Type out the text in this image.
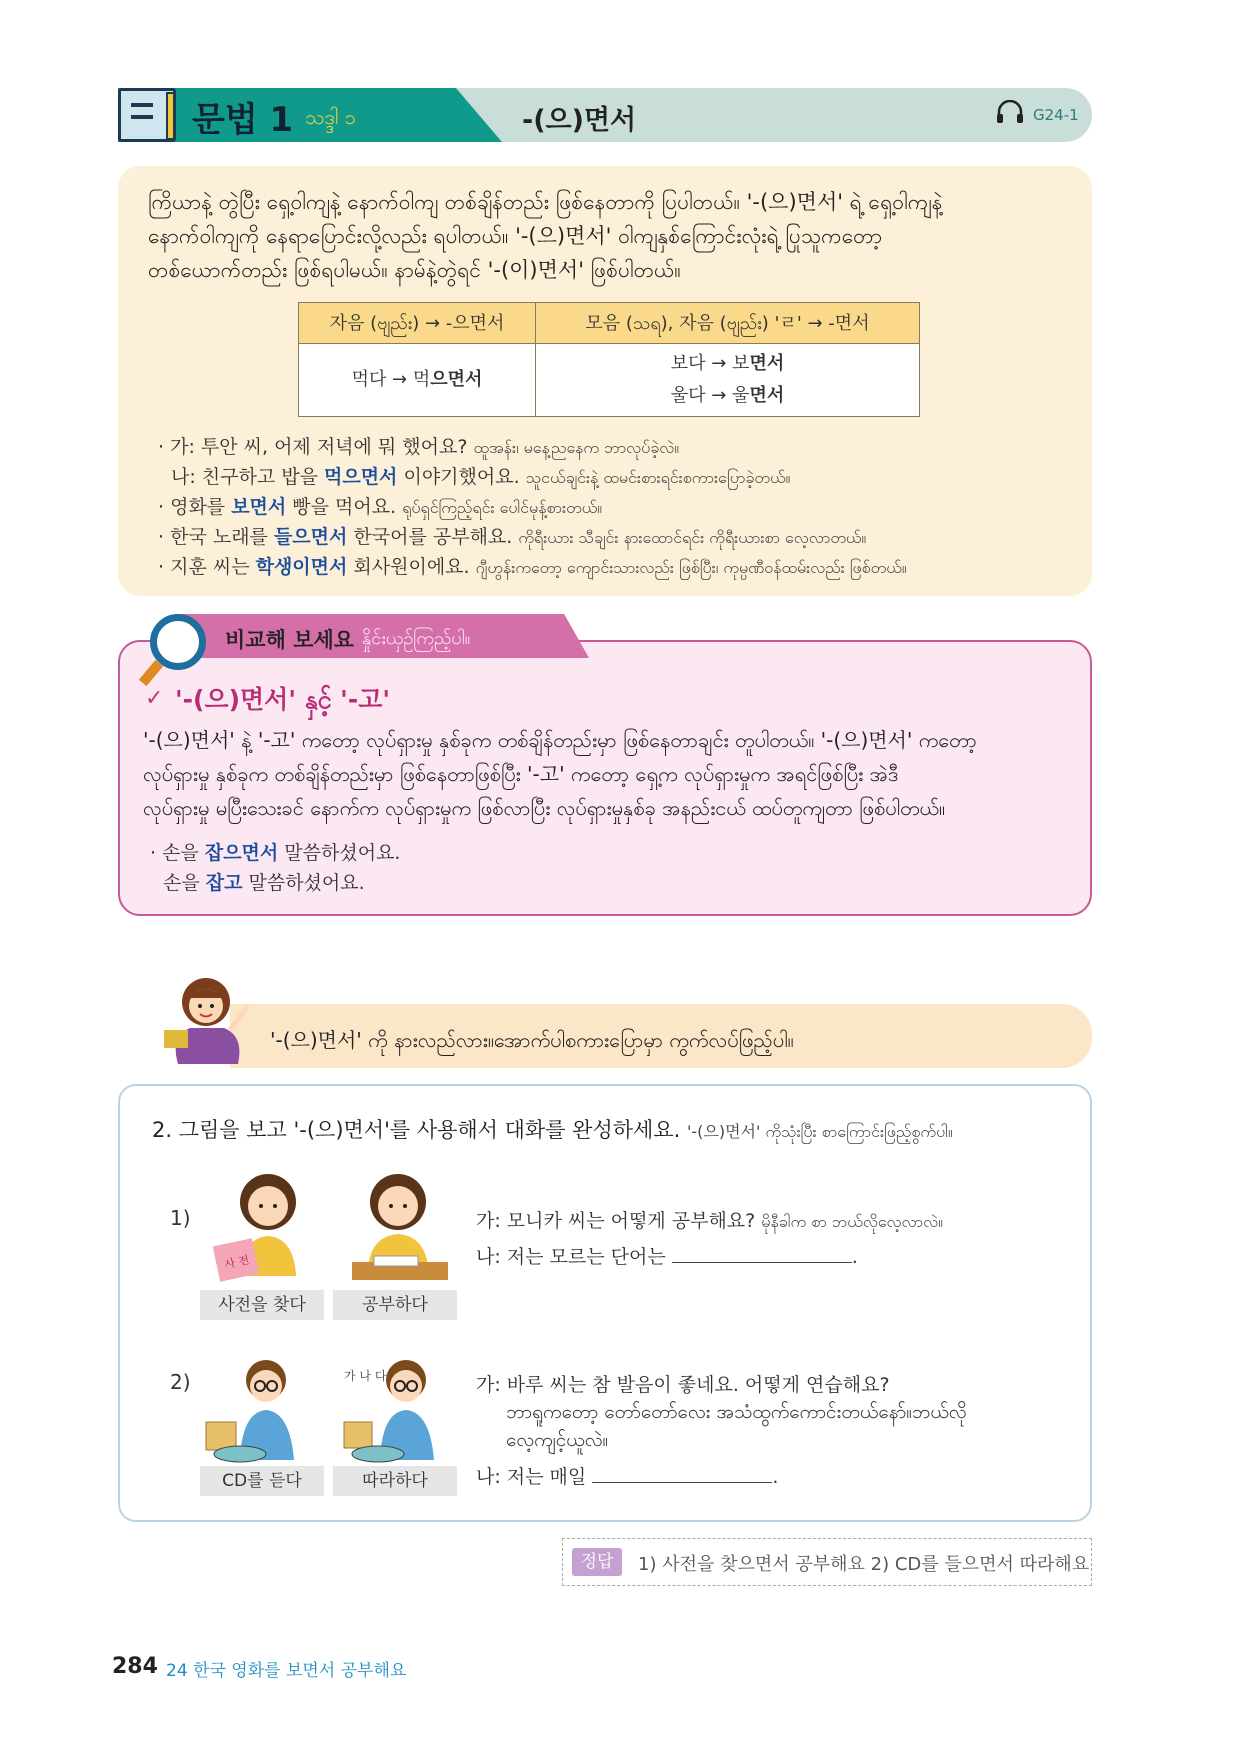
문법 1 သဒ္ဒါ ၁	-(으)면서	G24-1
ကြိယာနဲ့ တွဲပြီး ရှေ့ဝါကျနဲ့ နောက်ဝါကျ တစ်ချိန်တည်း ဖြစ်နေတာကို ပြပါတယ်။ '-(으)면서' ရဲ့ ရှေ့ဝါကျနဲ့
နောက်ဝါကျကို နေရာပြောင်းလို့လည်း ရပါတယ်။ '-(으)면서' ဝါကျနှစ်ကြောင်းလုံးရဲ့ ပြုသူကတော့
တစ်ယောက်တည်း ဖြစ်ရပါမယ်။ နာမ်နဲ့တွဲရင် '-(이)면서' ဖြစ်ပါတယ်။
자음 (ဗျည်း) → -으면서	모음 (သရ), 자음 (ဗျည်း) 'ㄹ' → -면서
먹다 → 먹으면서	보다 → 보면서
울다 → 울면서
· 가: 투안 씨, 어제 저녁에 뭐 했어요? ထူအန်း၊ မနေ့ညနေက ဘာလုပ်ခဲ့လဲ။
나: 친구하고 밥을 먹으면서 이야기했어요. သူငယ်ချင်းနဲ့ ထမင်းစားရင်းစကားပြောခဲ့တယ်။
· 영화를 보면서 빵을 먹어요. ရုပ်ရှင်ကြည့်ရင်း ပေါင်မုန့်စားတယ်။
· 한국 노래를 들으면서 한국어를 공부해요. ကိုရီးယား သီချင်း နားထောင်ရင်း ကိုရီးယားစာ လေ့လာတယ်။
· 지훈 씨는 학생이면서 회사원이에요. ဂျီဟွန်းကတော့ ကျောင်းသားလည်း ဖြစ်ပြီး၊ ကုမ္ပဏီဝန်ထမ်းလည်း ဖြစ်တယ်။
비교해 보세요 နှိုင်းယှဉ်ကြည့်ပါ။
✓ '-(으)면서' နှင့် '-고'
'-(으)면서' နဲ့ '-고' ကတော့ လုပ်ရှားမှု နှစ်ခုက တစ်ချိန်တည်းမှာ ဖြစ်နေတာချင်း တူပါတယ်။ '-(으)면서' ကတော့
လုပ်ရှားမှု နှစ်ခုက တစ်ချိန်တည်းမှာ ဖြစ်နေတာဖြစ်ပြီး '-고' ကတော့ ရှေ့က လုပ်ရှားမှုက အရင်ဖြစ်ပြီး အဲဒီ
လုပ်ရှားမှု မပြီးသေးခင် နောက်က လုပ်ရှားမှုက ဖြစ်လာပြီး လုပ်ရှားမှုနှစ်ခု အနည်းငယ် ထပ်တူကျတာ ဖြစ်ပါတယ်။
· 손을 잡으면서 말씀하셨어요.
손을 잡고 말씀하셨어요.
'-(으)면서' ကို နားလည်လား။အောက်ပါစကားပြောမှာ ကွက်လပ်ဖြည့်ပါ။
2. 그림을 보고 '-(으)면서'를 사용해서 대화를 완성하세요. '-(으)면서' ကိုသုံးပြီး စာကြောင်းဖြည့်စွက်ပါ။
1)
사 전
사전을 찾다	공부하다
가: 모니카 씨는 어떻게 공부해요? မိုနီခါက စာ ဘယ်လိုလေ့လာလဲ။
나: 저는 모르는 단어는	.
2)	가 나 다
CD를 듣다	따라하다
가: 바루 씨는 참 발음이 좋네요. 어떻게 연습해요?
ဘာရူကတော့ တော်တော်လေး အသံထွက်ကောင်းတယ်နော်။ဘယ်လို
လေ့ကျင့်ယူလဲ။
나: 저는 매일	.
정답	1) 사전을 찾으면서 공부해요 2) CD를 들으면서 따라해요
284 24 한국 영화를 보면서 공부해요
